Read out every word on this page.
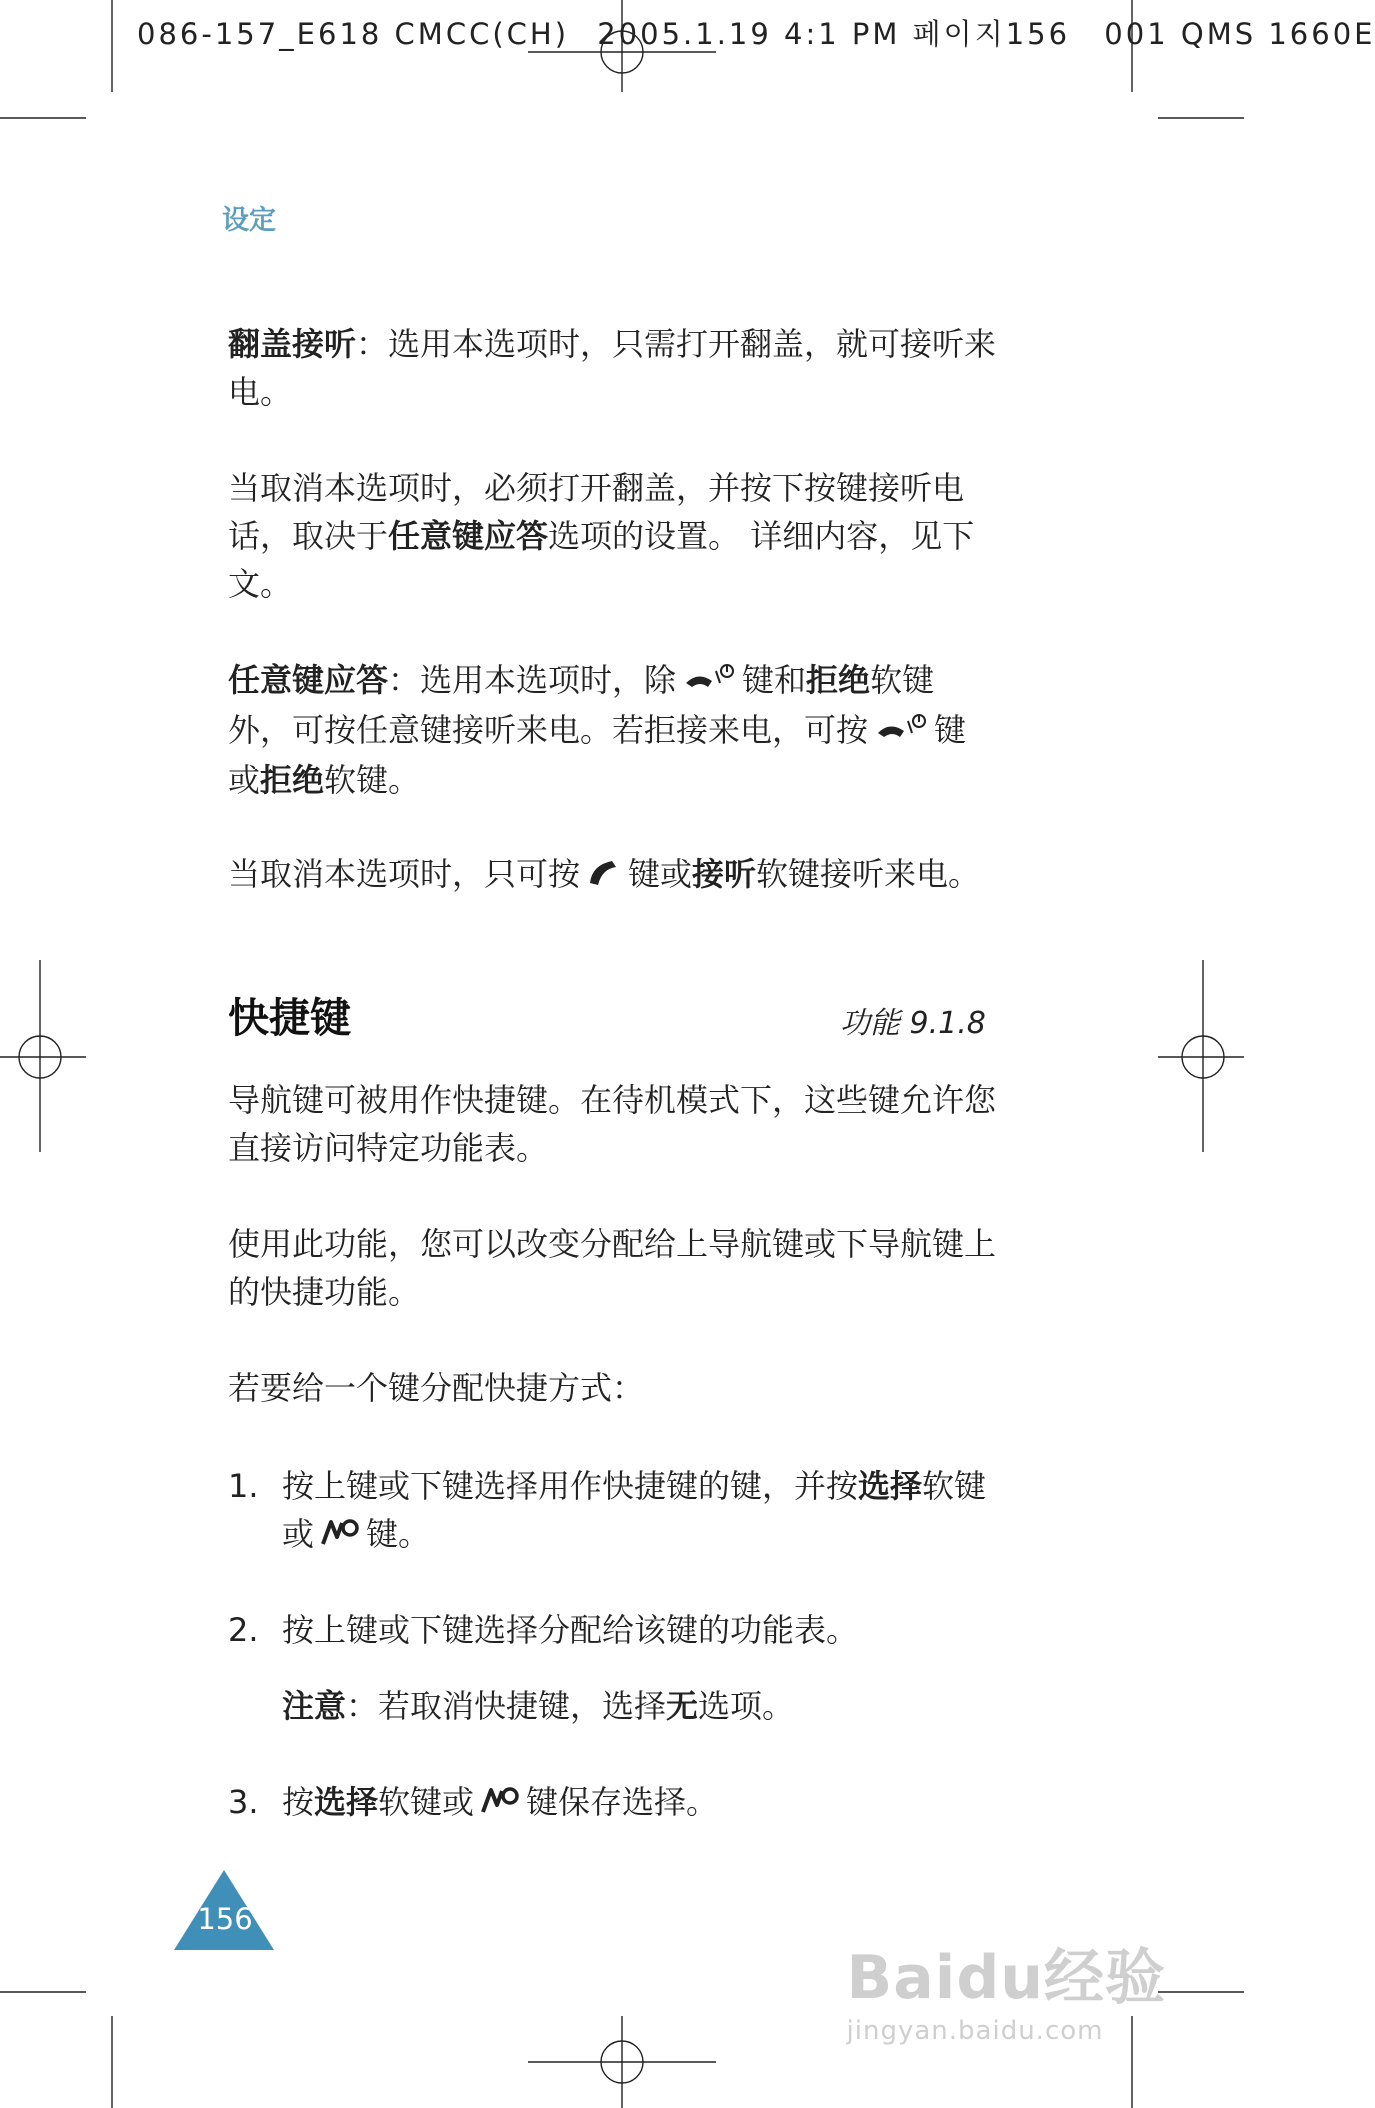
086-157_E618 CMCC(CH) 2005.1.19 4:1 PM 페이지156 001 QMS 1660E
设定
翻盖接听：选用本选项时，只需打开翻盖，就可接听来电。
当取消本选项时，必须打开翻盖，并按下按键接听电话，取决于任意键应答选项的设置。 详细内容，见下文。
任意键应答：选用本选项时，除 键和拒绝软键外，可按任意键接听来电。若拒接来电，可按 键或拒绝软键。
当取消本选项时，只可按 键或接听软键接听来电。
快捷键	功能 9.1.8
导航键可被用作快捷键。在待机模式下，这些键允许您直接访问特定功能表。
使用此功能，您可以改变分配给上导航键或下导航键上的快捷功能。
若要给一个键分配快捷方式：
1. 按上键或下键选择用作快捷键的键，并按选择软键或 键。
2. 按上键或下键选择分配给该键的功能表。
注意：若取消快捷键，选择无选项。
3. 按选择软键或 键保存选择。
156
Baidu经验
jingyan.baidu.com
